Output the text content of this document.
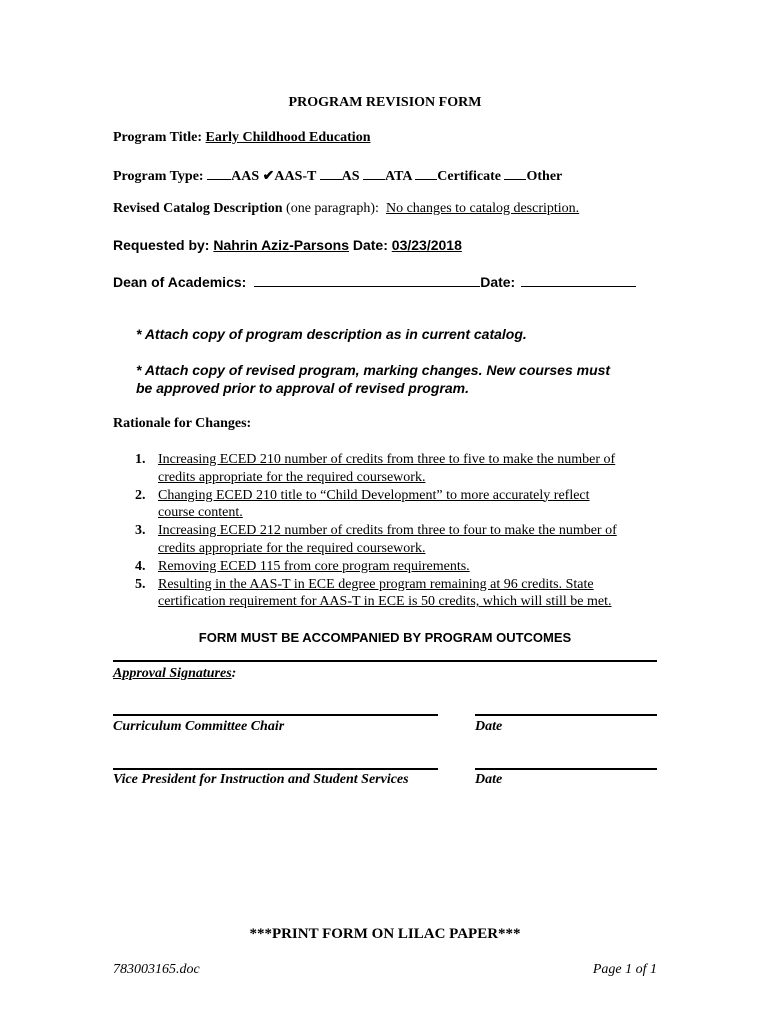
PROGRAM REVISION FORM
Program Title: Early Childhood Education
Program Type: AAS ✔AAS-T AS ATA Certificate Other
Revised Catalog Description (one paragraph): No changes to catalog description.
Requested by: Nahrin Aziz-Parsons Date: 03/23/2018
Dean of Academics:	Date:
* Attach copy of program description as in current catalog.
* Attach copy of revised program, marking changes. New courses must
be approved prior to approval of revised program.
Rationale for Changes:
1. Increasing ECED 210 number of credits from three to five to make the number of
credits appropriate for the required coursework.
2. Changing ECED 210 title to “Child Development” to more accurately reflect
course content.
3. Increasing ECED 212 number of credits from three to four to make the number of
credits appropriate for the required coursework.
4. Removing ECED 115 from core program requirements.
5. Resulting in the AAS-T in ECE degree program remaining at 96 credits. State
certification requirement for AAS-T in ECE is 50 credits, which will still be met.
FORM MUST BE ACCOMPANIED BY PROGRAM OUTCOMES
Approval Signatures:
Curriculum Committee Chair	Date
Vice President for Instruction and Student Services	Date
***PRINT FORM ON LILAC PAPER***
783003165.doc	Page 1 of 1
